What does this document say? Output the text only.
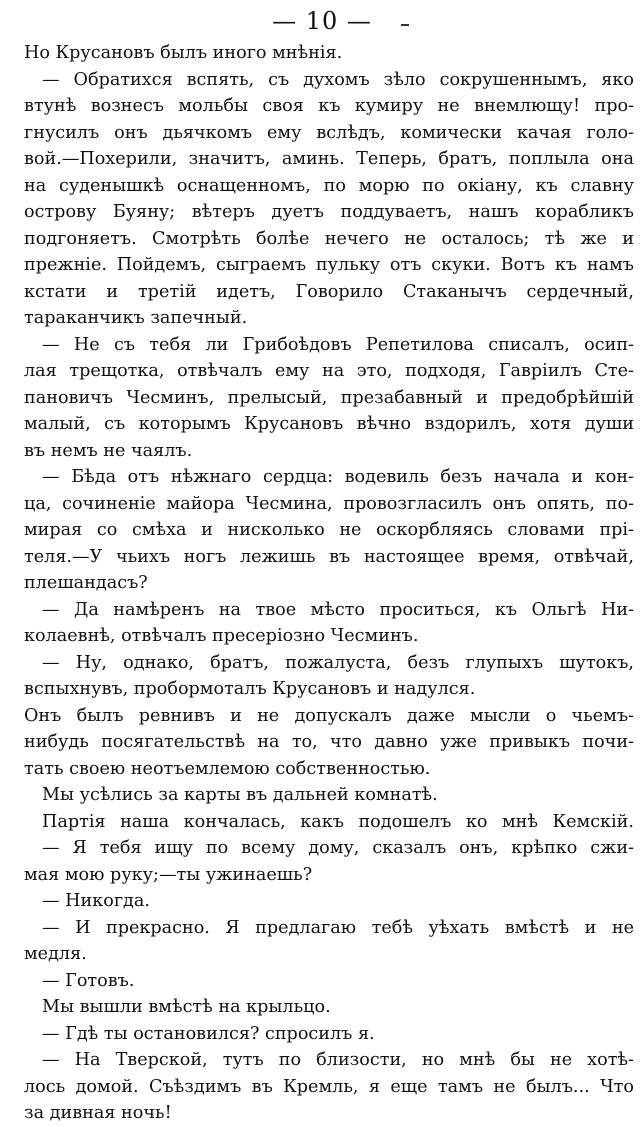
— 10 —
Но Крусановъ былъ иного мнѣнія.
— Обратихся вспять, съ духомъ зѣло сокрушеннымъ, яко
втунѣ вознесъ мольбы своя къ кумиру не внемлющу! про-
гнусилъ онъ дьячкомъ ему вслѣдъ, комически качая голо-
вой.—Похерили, значитъ, аминь. Теперь, братъ, поплыла она
на суденышкѣ оснащенномъ, по морю по окіану, къ славну
острову Буяну; вѣтеръ дуетъ поддуваетъ, нашъ корабликъ
подгоняетъ. Смотрѣть болѣе нечего не осталось; тѣ же и
прежніе. Пойдемъ, сыграемъ пульку отъ скуки. Вотъ къ намъ
кстати и третій идетъ, Говорило Стаканычъ сердечный,
тараканчикъ запечный.
— Не съ тебя ли Грибоѣдовъ Репетилова списалъ, осип-
лая трещотка, отвѣчалъ ему на это, подходя, Гавріилъ Сте-
пановичъ Чесминъ, прелысый, презабавный и предобрѣйшій
малый, съ которымъ Крусановъ вѣчно вздорилъ, хотя души
въ немъ не чаялъ.
— Бѣда отъ нѣжнаго сердца: водевиль безъ начала и кон-
ца, сочиненіе майора Чесмина, провозгласилъ онъ опять, по-
мирая со смѣха и нисколько не оскорбляясь словами прі-
теля.—У чьихъ ногъ лежишь въ настоящее время, отвѣчай,
плешандасъ?
— Да намѣренъ на твое мѣсто проситься, къ Ольгѣ Ни-
колаевнѣ, отвѣчалъ пресеріозно Чесминъ.
— Ну, однако, братъ, пожалуста, безъ глупыхъ шутокъ,
вспыхнувъ, пробормоталъ Крусановъ и надулся.
Онъ былъ ревнивъ и не допускалъ даже мысли о чьемъ-
нибудь посягательствѣ на то, что давно уже привыкъ почи-
тать своею неотъемлемою собственностью.
Мы усѣлись за карты въ дальней комнатѣ.
Партія наша кончалась, какъ подошелъ ко мнѣ Кемскій.
— Я тебя ищу по всему дому, сказалъ онъ, крѣпко сжи-
мая мою руку;—ты ужинаешь?
— Никогда.
— И прекрасно. Я предлагаю тебѣ уѣхать вмѣстѣ и не
медля.
— Готовъ.
Мы вышли вмѣстѣ на крыльцо.
— Гдѣ ты остановился? спросилъ я.
— На Тверской, тутъ по близости, но мнѣ бы не хотѣ-
лось домой. Съѣздимъ въ Кремль, я еще тамъ не былъ... Что
за дивная ночь!
